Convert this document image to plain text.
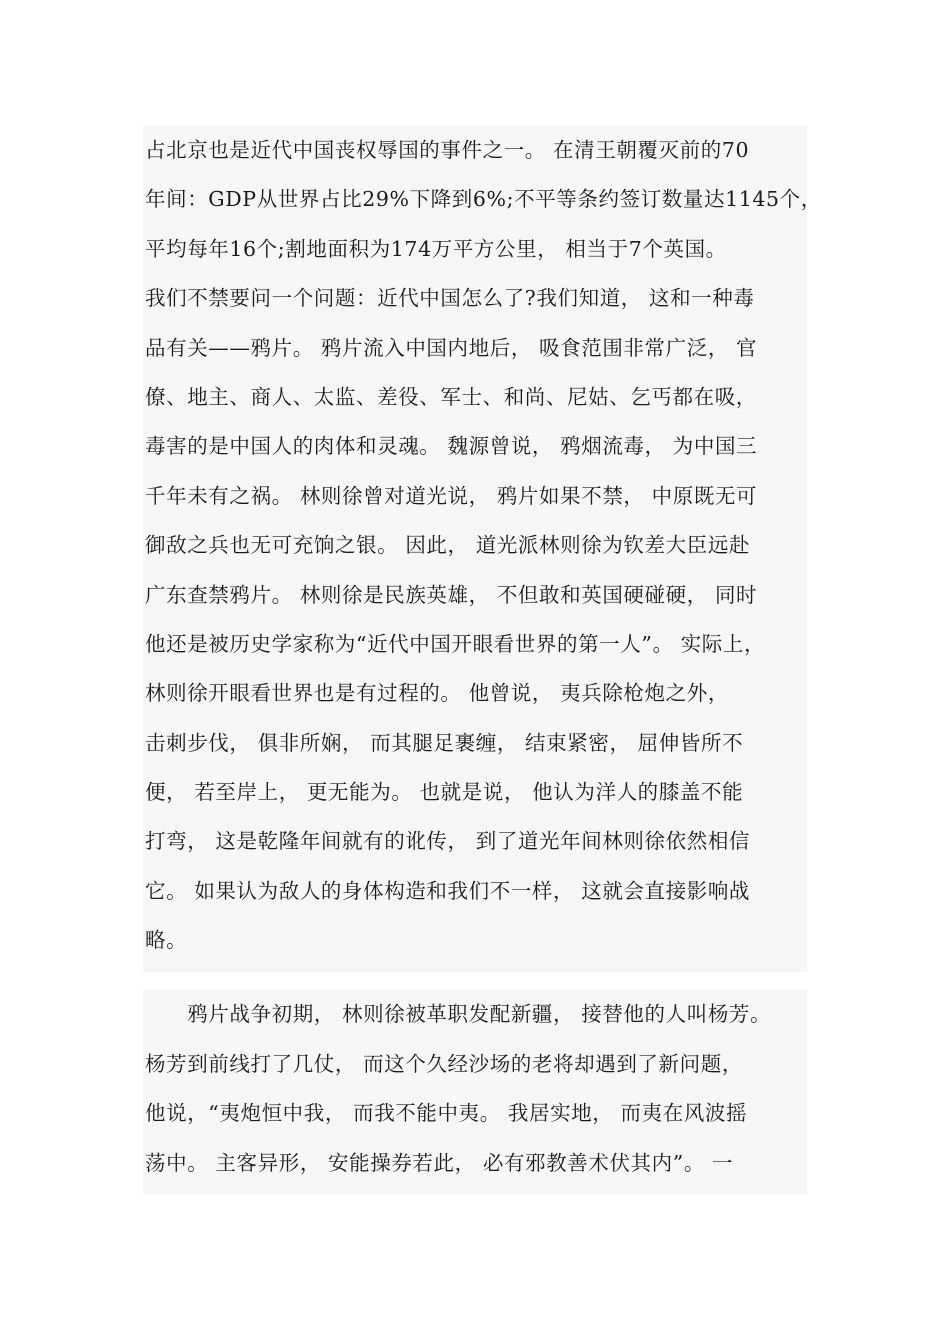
占北京也是近代中国丧权辱国的事件之一。 在清王朝覆灭前的70
年间：GDP从世界占比29%下降到6%;不平等条约签订数量达1145个，
平均每年16个;割地面积为174万平方公里， 相当于7个英国。
我们不禁要问一个问题：近代中国怎么了?我们知道， 这和一种毒
品有关——鸦片。 鸦片流入中国内地后， 吸食范围非常广泛， 官
僚、地主、商人、太监、差役、军士、和尚、尼姑、乞丐都在吸，
毒害的是中国人的肉体和灵魂。 魏源曾说， 鸦烟流毒， 为中国三
千年未有之祸。 林则徐曾对道光说， 鸦片如果不禁， 中原既无可
御敌之兵也无可充饷之银。 因此， 道光派林则徐为钦差大臣远赴
广东查禁鸦片。 林则徐是民族英雄， 不但敢和英国硬碰硬， 同时
他还是被历史学家称为“近代中国开眼看世界的第一人”。 实际上，
林则徐开眼看世界也是有过程的。 他曾说， 夷兵除枪炮之外，
击刺步伐， 俱非所娴， 而其腿足裹缠， 结束紧密， 屈伸皆所不
便， 若至岸上， 更无能为。 也就是说， 他认为洋人的膝盖不能
打弯， 这是乾隆年间就有的讹传， 到了道光年间林则徐依然相信
它。 如果认为敌人的身体构造和我们不一样， 这就会直接影响战
略。
　　鸦片战争初期， 林则徐被革职发配新疆， 接替他的人叫杨芳。
杨芳到前线打了几仗， 而这个久经沙场的老将却遇到了新问题，
他说，“夷炮恒中我， 而我不能中夷。 我居实地， 而夷在风波摇
荡中。 主客异形， 安能操券若此， 必有邪教善术伏其内”。 一
